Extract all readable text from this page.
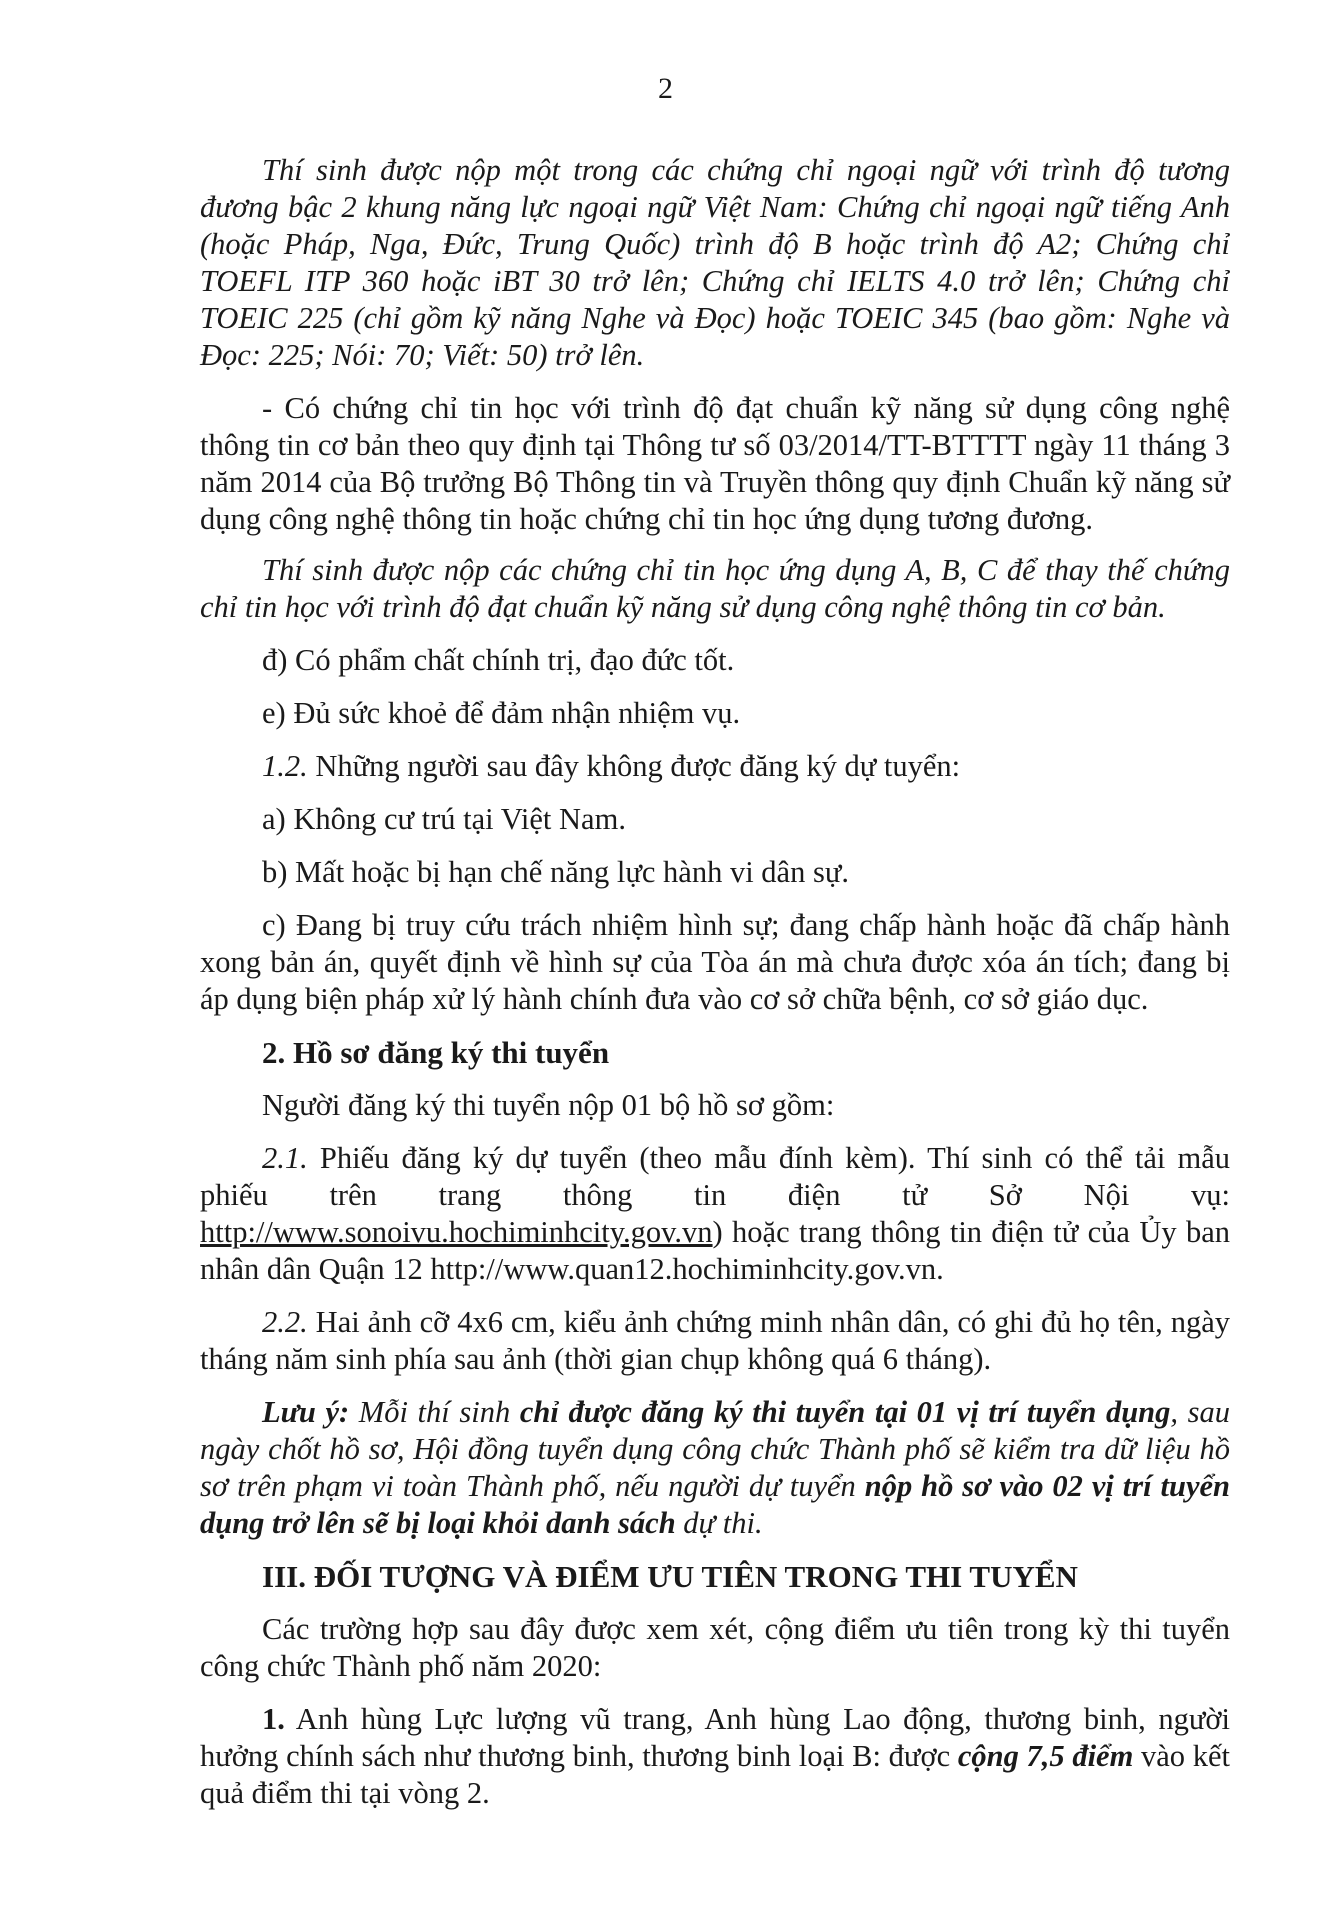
2

Thí sinh được nộp một trong các chứng chỉ ngoại ngữ với trình độ tương đương bậc 2 khung năng lực ngoại ngữ Việt Nam: Chứng chỉ ngoại ngữ tiếng Anh (hoặc Pháp, Nga, Đức, Trung Quốc) trình độ B hoặc trình độ A2; Chứng chỉ TOEFL ITP 360 hoặc iBT 30 trở lên; Chứng chỉ IELTS 4.0 trở lên; Chứng chỉ TOEIC 225 (chỉ gồm kỹ năng Nghe và Đọc) hoặc TOEIC 345 (bao gồm: Nghe và Đọc: 225; Nói: 70; Viết: 50) trở lên.

- Có chứng chỉ tin học với trình độ đạt chuẩn kỹ năng sử dụng công nghệ thông tin cơ bản theo quy định tại Thông tư số 03/2014/TT-BTTTT ngày 11 tháng 3 năm 2014 của Bộ trưởng Bộ Thông tin và Truyền thông quy định Chuẩn kỹ năng sử dụng công nghệ thông tin hoặc chứng chỉ tin học ứng dụng tương đương.

Thí sinh được nộp các chứng chỉ tin học ứng dụng A, B, C để thay thế chứng chỉ tin học với trình độ đạt chuẩn kỹ năng sử dụng công nghệ thông tin cơ bản.

đ) Có phẩm chất chính trị, đạo đức tốt.

e) Đủ sức khoẻ để đảm nhận nhiệm vụ.

1.2. Những người sau đây không được đăng ký dự tuyển:

a) Không cư trú tại Việt Nam.

b) Mất hoặc bị hạn chế năng lực hành vi dân sự.

c) Đang bị truy cứu trách nhiệm hình sự; đang chấp hành hoặc đã chấp hành xong bản án, quyết định về hình sự của Tòa án mà chưa được xóa án tích; đang bị áp dụng biện pháp xử lý hành chính đưa vào cơ sở chữa bệnh, cơ sở giáo dục.

2. Hồ sơ đăng ký thi tuyển

Người đăng ký thi tuyển nộp 01 bộ hồ sơ gồm:

2.1. Phiếu đăng ký dự tuyển (theo mẫu đính kèm). Thí sinh có thể tải mẫu phiếu trên trang thông tin điện tử Sở Nội vụ: http://www.sonoivu.hochiminhcity.gov.vn) hoặc trang thông tin điện tử của Ủy ban nhân dân Quận 12 http://www.quan12.hochiminhcity.gov.vn.

2.2. Hai ảnh cỡ 4x6 cm, kiểu ảnh chứng minh nhân dân, có ghi đủ họ tên, ngày tháng năm sinh phía sau ảnh (thời gian chụp không quá 6 tháng).

Lưu ý: Mỗi thí sinh chỉ được đăng ký thi tuyển tại 01 vị trí tuyển dụng, sau ngày chốt hồ sơ, Hội đồng tuyển dụng công chức Thành phố sẽ kiểm tra dữ liệu hồ sơ trên phạm vi toàn Thành phố, nếu người dự tuyển nộp hồ sơ vào 02 vị trí tuyển dụng trở lên sẽ bị loại khỏi danh sách dự thi.

III. ĐỐI TƯỢNG VÀ ĐIỂM ƯU TIÊN TRONG THI TUYỂN

Các trường hợp sau đây được xem xét, cộng điểm ưu tiên trong kỳ thi tuyển công chức Thành phố năm 2020:

1. Anh hùng Lực lượng vũ trang, Anh hùng Lao động, thương binh, người hưởng chính sách như thương binh, thương binh loại B: được cộng 7,5 điểm vào kết quả điểm thi tại vòng 2.
